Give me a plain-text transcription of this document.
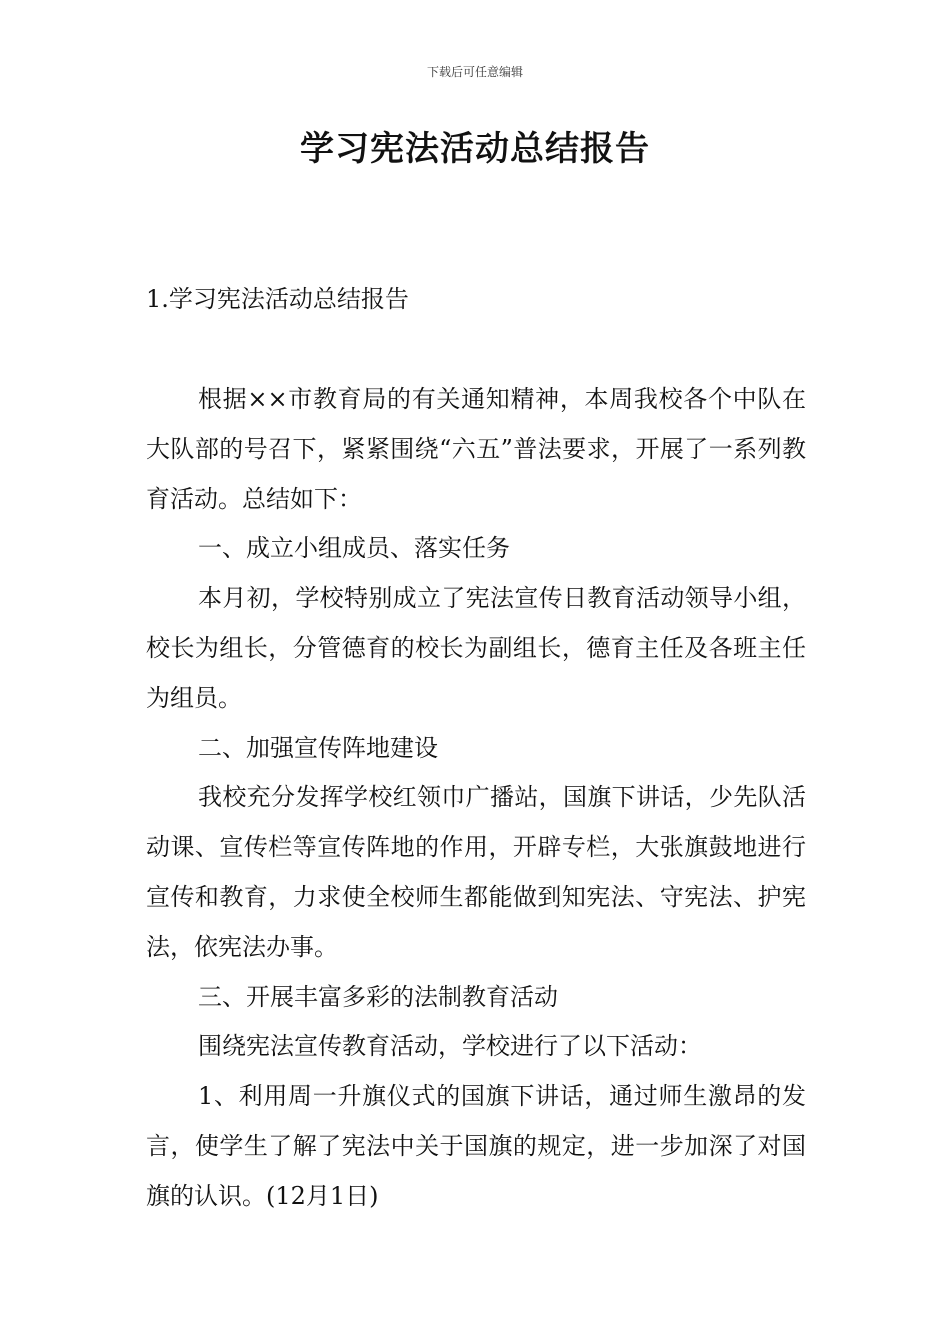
下载后可任意编辑
学习宪法活动总结报告
1.学习宪法活动总结报告

根据××市教育局的有关通知精神，本周我校各个中队在大队部的号召下，紧紧围绕“六五”普法要求，开展了一系列教育活动。总结如下：

一、成立小组成员、落实任务

本月初，学校特别成立了宪法宣传日教育活动领导小组，校长为组长，分管德育的校长为副组长，德育主任及各班主任为组员。

二、加强宣传阵地建设

我校充分发挥学校红领巾广播站，国旗下讲话，少先队活动课、宣传栏等宣传阵地的作用，开辟专栏，大张旗鼓地进行宣传和教育，力求使全校师生都能做到知宪法、守宪法、护宪法，依宪法办事。

三、开展丰富多彩的法制教育活动

围绕宪法宣传教育活动，学校进行了以下活动：

1、利用周一升旗仪式的国旗下讲话，通过师生激昂的发言，使学生了解了宪法中关于国旗的规定，进一步加深了对国旗的认识。(12月1日)
